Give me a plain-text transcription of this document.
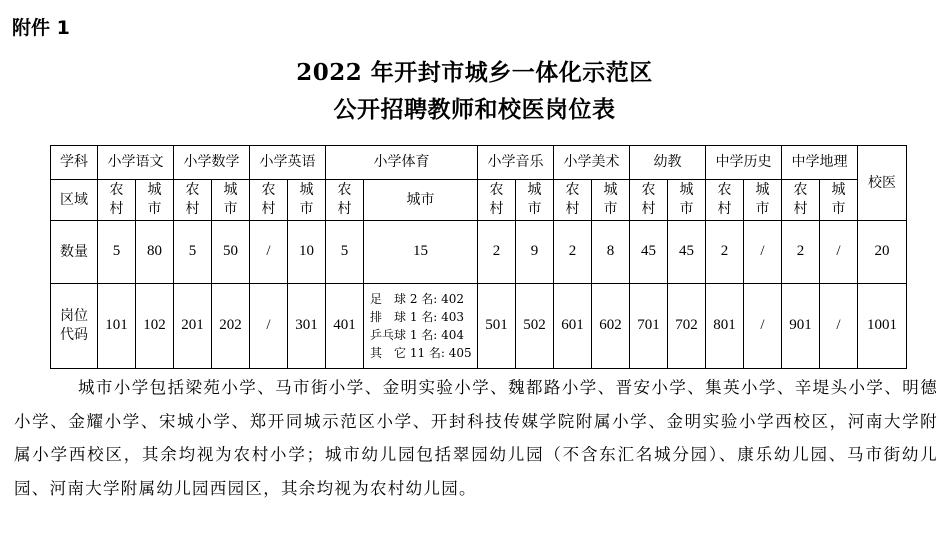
附件 1
2022 年开封市城乡一体化示范区
公开招聘教师和校医岗位表
学科	小学语文		小学数学		小学英语		小学体育		小学音乐		小学美术		幼教		中学历史		中学地理		校医
区域	农村	城市	农村	城市	农村	城市	农村	城市	农村	城市	农村	城市	农村	城市	农村	城市	农村	城市	

数量	5	80	5	50	/	10	5	15	2	9	2	8	45	45	2	/	2	/	20

岗位代码	101	102	201	202	/	301	401	足　球 2 名: 402
排　球 1 名: 403
乒乓球 1 名: 404
其　它 11 名: 405	501	502	601	602	701	702	801	/	901	/	1001

城市小学包括梁苑小学、马市街小学、金明实验小学、魏都路小学、晋安小学、集英小学、辛堤头小学、明德小学、金耀小学、宋城小学、郑开同城示范区小学、开封科技传媒学院附属小学、金明实验小学西校区，河南大学附属小学西校区，其余均视为农村小学；城市幼儿园包括翠园幼儿园（不含东汇名城分园）、康乐幼儿园、马市街幼儿园、河南大学附属幼儿园西园区，其余均视为农村幼儿园。
